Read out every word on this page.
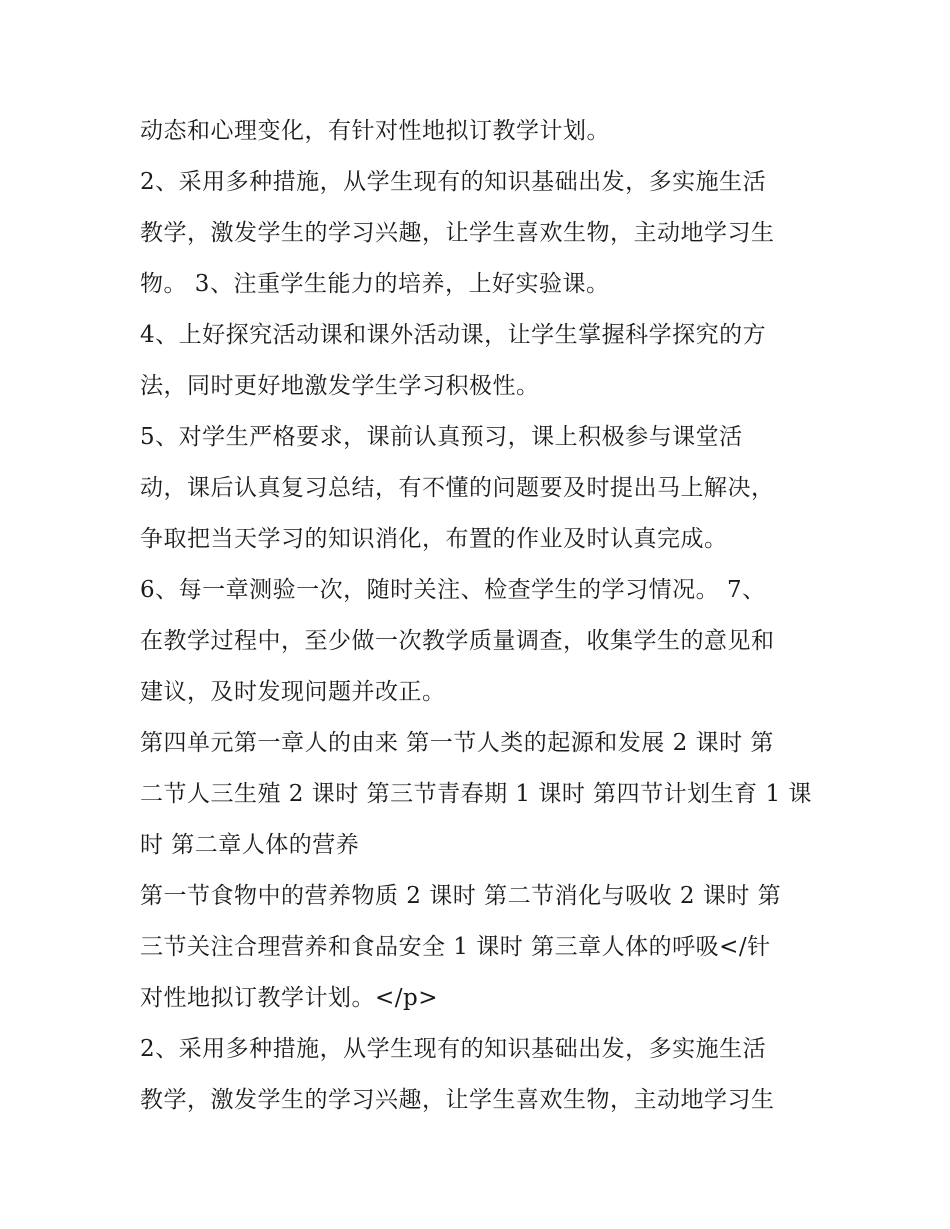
动态和心理变化，有针对性地拟订教学计划。
2、采用多种措施，从学生现有的知识基础出发，多实施生活
教学，激发学生的学习兴趣，让学生喜欢生物，主动地学习生
物。 3、注重学生能力的培养，上好实验课。
4、上好探究活动课和课外活动课，让学生掌握科学探究的方
法，同时更好地激发学生学习积极性。
5、对学生严格要求，课前认真预习，课上积极参与课堂活
动，课后认真复习总结，有不懂的问题要及时提出马上解决，
争取把当天学习的知识消化，布置的作业及时认真完成。
6、每一章测验一次，随时关注、检查学生的学习情况。 7、
在教学过程中，至少做一次教学质量调查，收集学生的意见和
建议，及时发现问题并改正。
第四单元第一章人的由来 第一节人类的起源和发展 2 课时 第
二节人三生殖 2 课时 第三节青春期 1 课时 第四节计划生育 1 课
时 第二章人体的营养
第一节食物中的营养物质 2 课时 第二节消化与吸收 2 课时 第
三节关注合理营养和食品安全 1 课时 第三章人体的呼吸</针
对性地拟订教学计划。</p>
2、采用多种措施，从学生现有的知识基础出发，多实施生活
教学，激发学生的学习兴趣，让学生喜欢生物，主动地学习生
